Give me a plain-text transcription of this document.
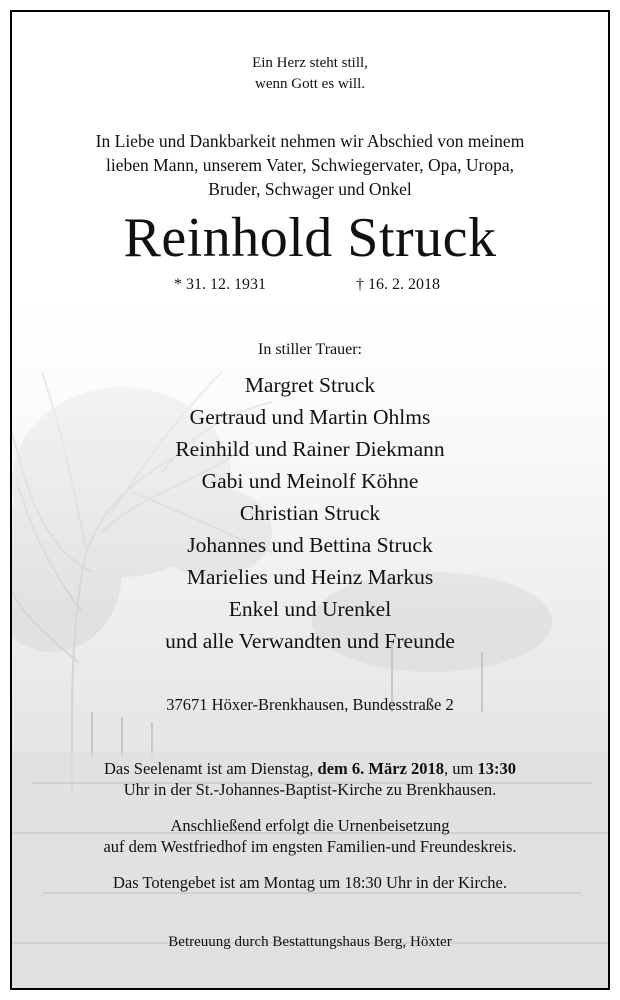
Ein Herz steht still,
wenn Gott es will.
In Liebe und Dankbarkeit nehmen wir Abschied von meinem
lieben Mann, unserem Vater, Schwiegervater, Opa, Uropa,
Bruder, Schwager und Onkel
Reinhold Struck
* 31. 12. 1931	† 16. 2. 2018
In stiller Trauer:
Margret Struck
Gertraud und Martin Ohlms
Reinhild und Rainer Diekmann
Gabi und Meinolf Köhne
Christian Struck
Johannes und Bettina Struck
Marielies und Heinz Markus
Enkel und Urenkel
und alle Verwandten und Freunde
37671 Höxer-Brenkhausen, Bundesstraße 2
Das Seelenamt ist am Dienstag, dem 6. März 2018, um 13:30
Uhr in der St.-Johannes-Baptist-Kirche zu Brenkhausen.
Anschließend erfolgt die Urnenbeisetzung
auf dem Westfriedhof im engsten Familien-und Freundeskreis.
Das Totengebet ist am Montag um 18:30 Uhr in der Kirche.
Betreuung durch Bestattungshaus Berg, Höxter
